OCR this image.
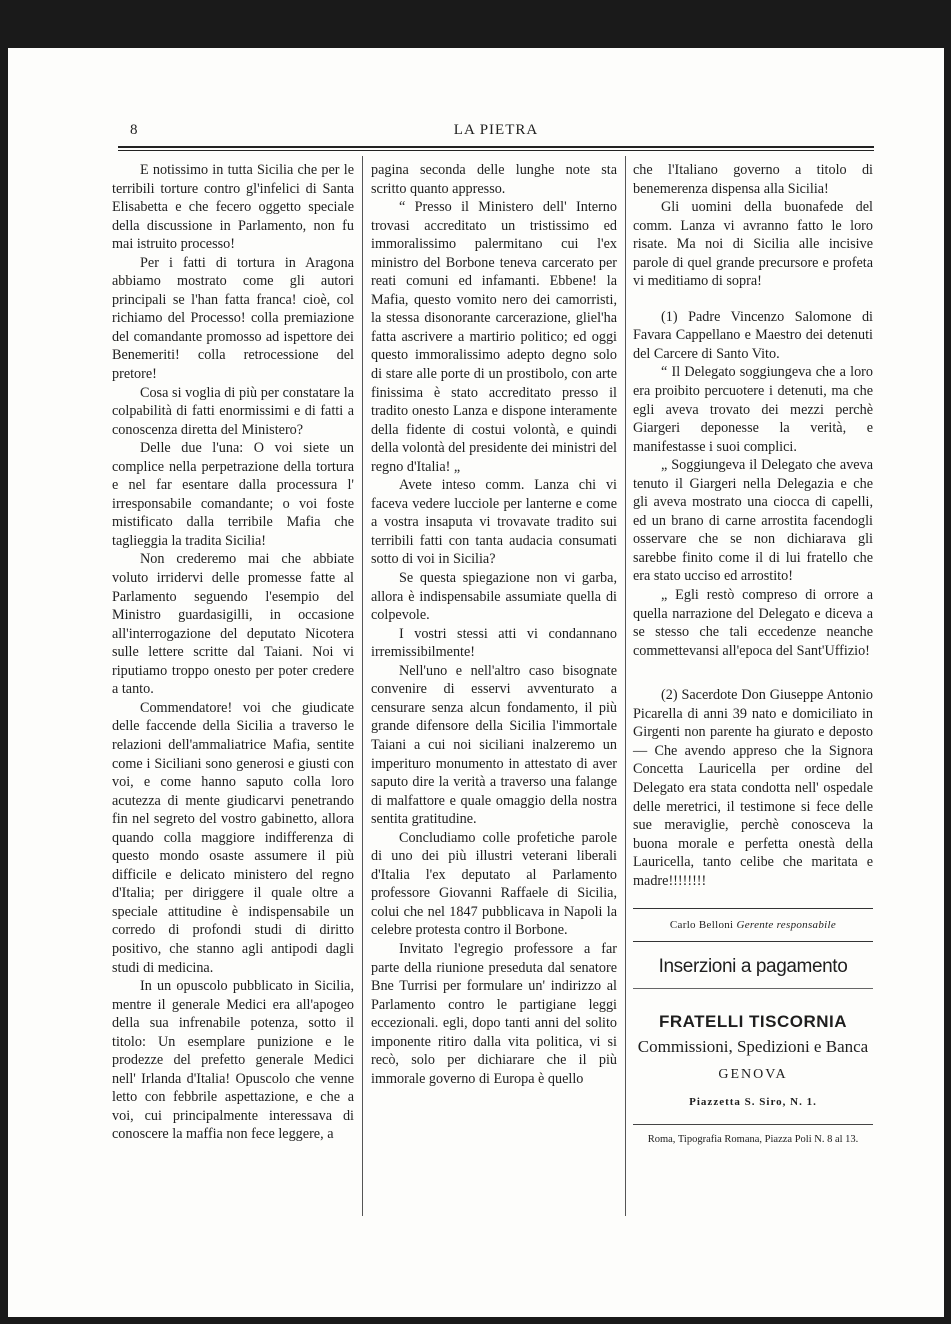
8	LA PIETRA

E notissimo in tutta Sicilia che per le terribili torture contro gl'infelici di Santa Elisabetta e che fecero oggetto speciale della discussione in Parlamento, non fu mai istruito processo!

Per i fatti di tortura in Aragona abbiamo mostrato come gli autori principali se l'han fatta franca! cioè, col richiamo del Processo! colla premiazione del comandante promosso ad ispettore dei Benemeriti! colla retrocessione del pretore!

Cosa si voglia di più per constatare la colpabilità di fatti enormissimi e di fatti a conoscenza diretta del Ministero?

Delle due l'una: O voi siete un complice nella perpetrazione della tortura e nel far esentare dalla processura l' irresponsabile comandante; o voi foste mistificato dalla terribile Mafia che taglieggia la tradita Sicilia!

Non crederemo mai che abbiate voluto irridervi delle promesse fatte al Parlamento seguendo l'esempio del Ministro guardasigilli, in occasione all'interrogazione del deputato Nicotera sulle lettere scritte dal Taiani. Noi vi riputiamo troppo onesto per poter credere a tanto.

Commendatore! voi che giudicate delle faccende della Sicilia a traverso le relazioni dell'ammaliatrice Mafia, sentite come i Siciliani sono generosi e giusti con voi, e come hanno saputo colla loro acutezza di mente giudicarvi penetrando fin nel segreto del vostro gabinetto, allora quando colla maggiore indifferenza di questo mondo osaste assumere il più difficile e delicato ministero del regno d'Italia; per diriggere il quale oltre a speciale attitudine è indispensabile un corredo di profondi studi di diritto positivo, che stanno agli antipodi dagli studi di medicina.

In un opuscolo pubblicato in Sicilia, mentre il generale Medici era all'apogeo della sua infrenabile potenza, sotto il titolo: Un esemplare punizione e le prodezze del prefetto generale Medici nell' Irlanda d'Italia! Opuscolo che venne letto con febbrile aspettazione, e che a voi, cui principalmente interessava di conoscere la maffia non fece leggere, a

pagina seconda delle lunghe note sta scritto quanto appresso.

“ Presso il Ministero dell' Interno trovasi accreditato un tristissimo ed immoralissimo palermitano cui l'ex ministro del Borbone teneva carcerato per reati comuni ed infamanti. Ebbene! la Mafia, questo vomito nero dei camorristi, la stessa disonorante carcerazione, gliel'ha fatta ascrivere a martirio politico; ed oggi questo immoralissimo adepto degno solo di stare alle porte di un prostibolo, con arte finissima è stato accreditato presso il tradito onesto Lanza e dispone interamente della fidente di costui volontà, e quindi della volontà del presidente dei ministri del regno d'Italia! „

Avete inteso comm. Lanza chi vi faceva vedere lucciole per lanterne e come a vostra insaputa vi trovavate tradito sui terribili fatti con tanta audacia consumati sotto di voi in Sicilia?

Se questa spiegazione non vi garba, allora è indispensabile assumiate quella di colpevole.

I vostri stessi atti vi condannano irremissibilmente!

Nell'uno e nell'altro caso bisognate convenire di esservi avventurato a censurare senza alcun fondamento, il più grande difensore della Sicilia l'immortale Taiani a cui noi siciliani inalzeremo un imperituro monumento in attestato di aver saputo dire la verità a traverso una falange di malfattore e quale omaggio della nostra sentita gratitudine.

Concludiamo colle profetiche parole di uno dei più illustri veterani liberali d'Italia l'ex deputato al Parlamento professore Giovanni Raffaele di Sicilia, colui che nel 1847 pubblicava in Napoli la celebre protesta contro il Borbone.

Invitato l'egregio professore a far parte della riunione preseduta dal senatore Bne Turrisi per formulare un' indirizzo al Parlamento contro le partigiane leggi eccezionali. egli, dopo tanti anni del solito imponente ritiro dalla vita politica, vi si recò, solo per dichiarare che il più immorale governo di Europa è quello

che l'Italiano governo a titolo di benemerenza dispensa alla Sicilia!

Gli uomini della buonafede del comm. Lanza vi avranno fatto le loro risate. Ma noi di Sicilia alle incisive parole di quel grande precursore e profeta vi meditiamo di sopra!

(1) Padre Vincenzo Salomone di Favara Cappellano e Maestro dei detenuti del Carcere di Santo Vito.

“ Il Delegato soggiungeva che a loro era proibito percuotere i detenuti, ma che egli aveva trovato dei mezzi perchè Giargeri deponesse la verità, e manifestasse i suoi complici.

„ Soggiungeva il Delegato che aveva tenuto il Giargeri nella Delegazia e che gli aveva mostrato una ciocca di capelli, ed un brano di carne arrostita facendogli osservare che se non dichiarava gli sarebbe finito come il di lui fratello che era stato ucciso ed arrostito!

„ Egli restò compreso di orrore a quella narrazione del Delegato e diceva a se stesso che tali eccedenze neanche commettevansi all'epoca del Sant'Uffizio!

(2) Sacerdote Don Giuseppe Antonio Picarella di anni 39 nato e domiciliato in Girgenti non parente ha giurato e deposto — Che avendo appreso che la Signora Concetta Lauricella per ordine del Delegato era stata condotta nell' ospedale delle meretrici, il testimone si fece delle sue meraviglie, perchè conosceva la buona morale e perfetta onestà della Lauricella, tanto celibe che maritata e madre!!!!!!!!

Carlo Belloni Gerente responsabile
Inserzioni a pagamento
FRATELLI TISCORNIA
Commissioni, Spedizioni e Banca
GENOVA
Piazzetta S. Siro, N. 1.
Roma, Tipografia Romana, Piazza Poli N. 8 al 13.
